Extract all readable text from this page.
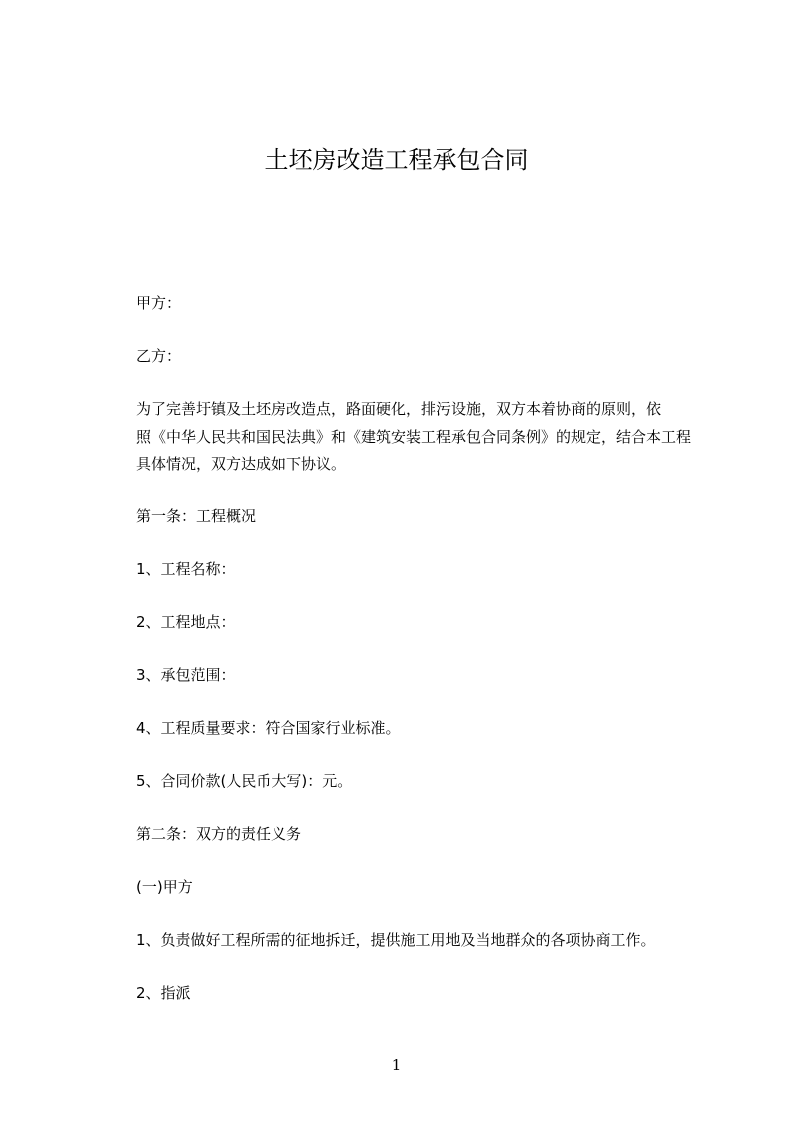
土坯房改造工程承包合同

甲方：

乙方：

为了完善圩镇及土坯房改造点，路面硬化，排污设施，双方本着协商的原则，依
照《中华人民共和国民法典》和《建筑安装工程承包合同条例》的规定，结合本工程
具体情况，双方达成如下协议。

第一条：工程概况

1、工程名称：

2、工程地点：

3、承包范围：

4、工程质量要求：符合国家行业标准。

5、合同价款(人民币大写)：元。

第二条：双方的责任义务

(一)甲方

1、负责做好工程所需的征地拆迁，提供施工用地及当地群众的各项协商工作。

2、指派

1
